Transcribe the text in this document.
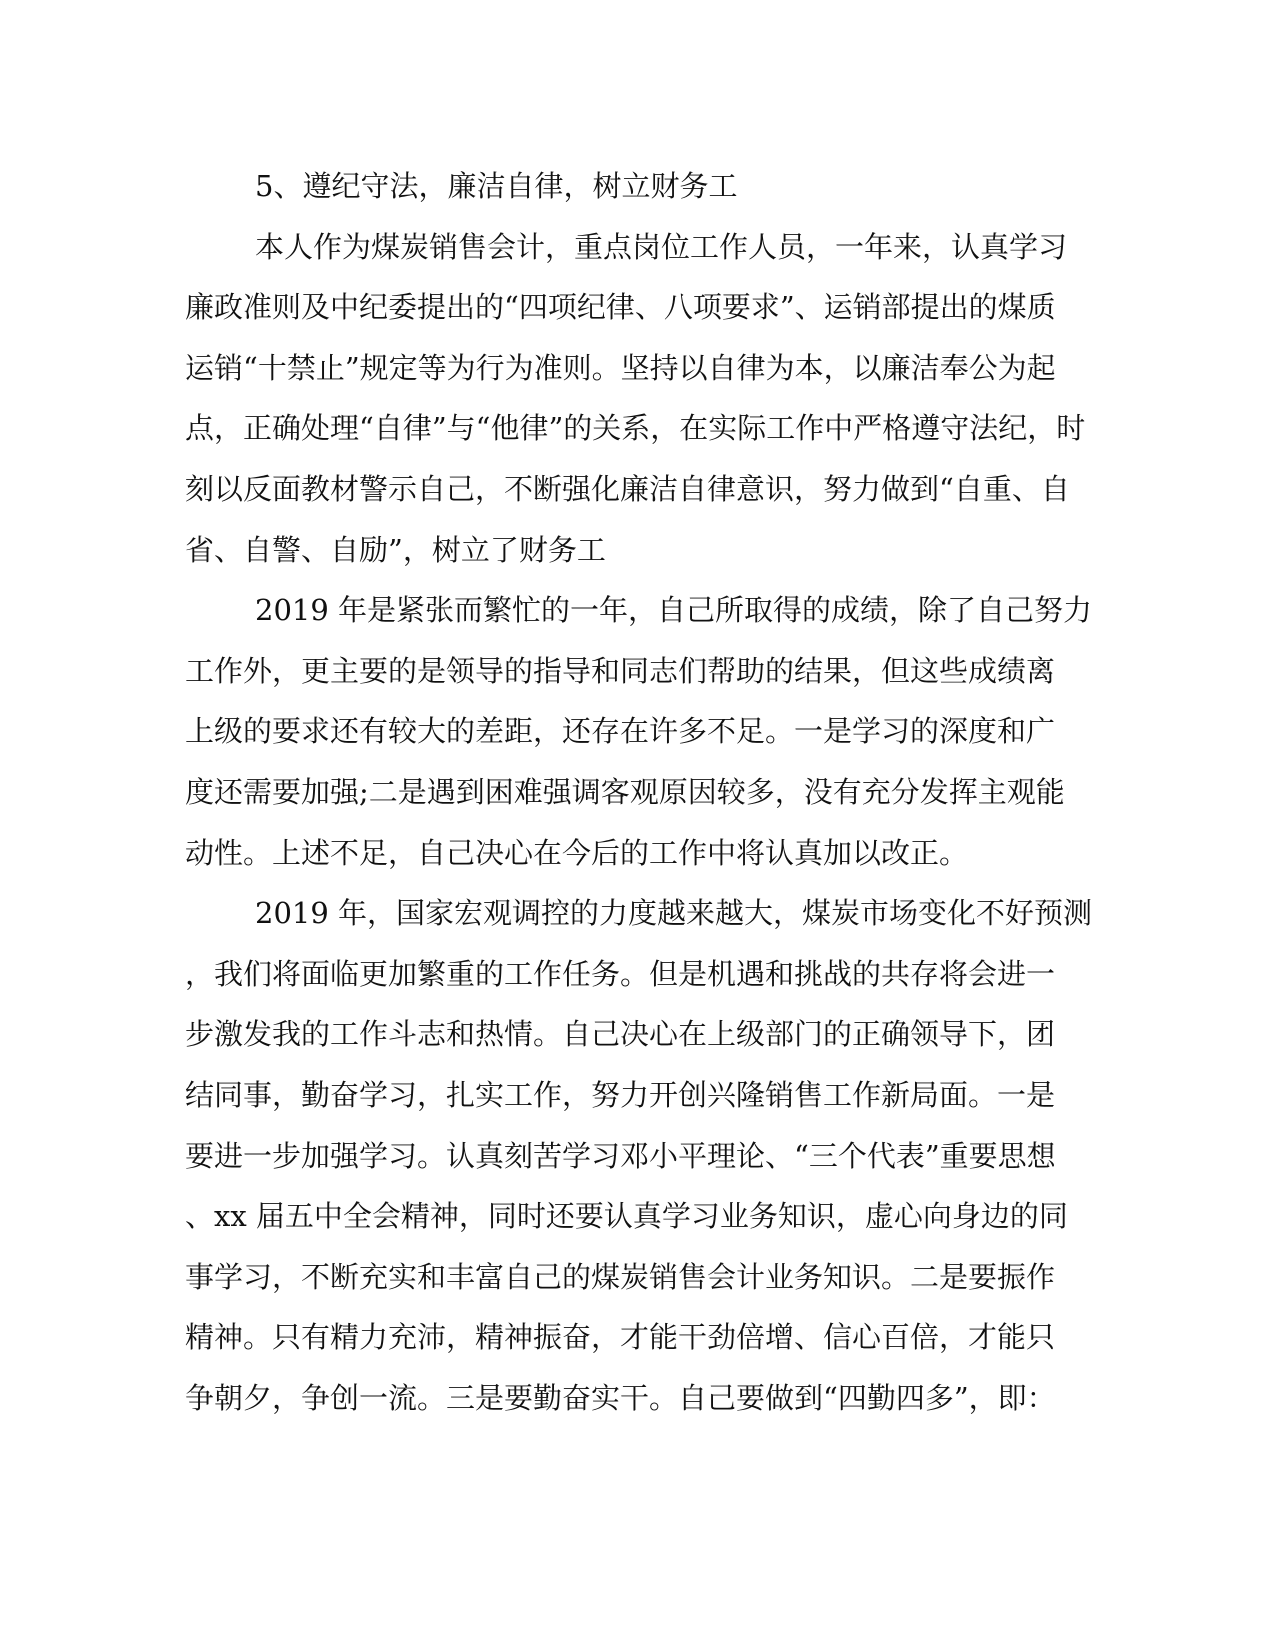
5、遵纪守法，廉洁自律，树立财务工
本人作为煤炭销售会计，重点岗位工作人员，一年来，认真学习
廉政准则及中纪委提出的“四项纪律、八项要求”、运销部提出的煤质
运销“十禁止”规定等为行为准则。坚持以自律为本，以廉洁奉公为起
点，正确处理“自律”与“他律”的关系，在实际工作中严格遵守法纪，时
刻以反面教材警示自己，不断强化廉洁自律意识，努力做到“自重、自
省、自警、自励”，树立了财务工
2019 年是紧张而繁忙的一年，自己所取得的成绩，除了自己努力
工作外，更主要的是领导的指导和同志们帮助的结果，但这些成绩离
上级的要求还有较大的差距，还存在许多不足。一是学习的深度和广
度还需要加强;二是遇到困难强调客观原因较多，没有充分发挥主观能
动性。上述不足，自己决心在今后的工作中将认真加以改正。
2019 年，国家宏观调控的力度越来越大，煤炭市场变化不好预测
，我们将面临更加繁重的工作任务。但是机遇和挑战的共存将会进一
步激发我的工作斗志和热情。自己决心在上级部门的正确领导下，团
结同事，勤奋学习，扎实工作，努力开创兴隆销售工作新局面。一是
要进一步加强学习。认真刻苦学习邓小平理论、“三个代表”重要思想
、xx 届五中全会精神，同时还要认真学习业务知识，虚心向身边的同
事学习，不断充实和丰富自己的煤炭销售会计业务知识。二是要振作
精神。只有精力充沛，精神振奋，才能干劲倍增、信心百倍，才能只
争朝夕，争创一流。三是要勤奋实干。自己要做到“四勤四多”，即：
